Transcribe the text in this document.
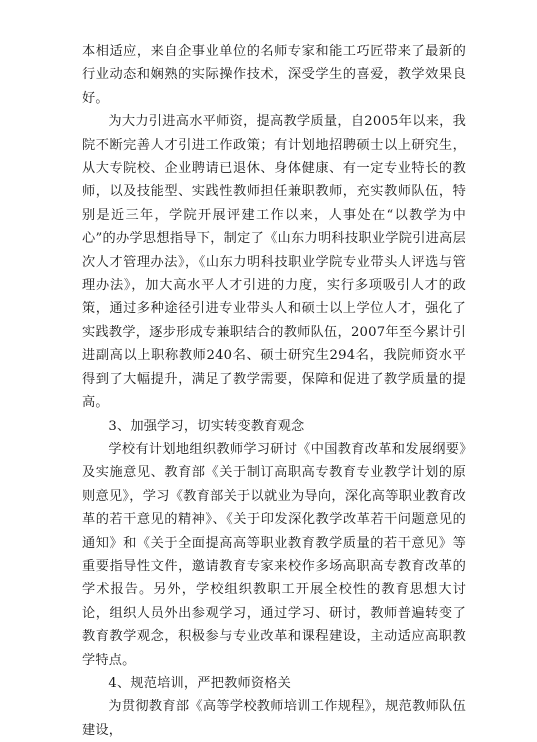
本相适应，来自企事业单位的名师专家和能工巧匠带来了最新的行业动态和娴熟的实际操作技术，深受学生的喜爱，教学效果良好。

为大力引进高水平师资，提高教学质量，自2005年以来，我院不断完善人才引进工作政策；有计划地招聘硕士以上研究生，从大专院校、企业聘请已退休、身体健康、有一定专业特长的教师，以及技能型、实践性教师担任兼职教师，充实教师队伍，特别是近三年，学院开展评建工作以来，人事处在“以教学为中心”的办学思想指导下，制定了《山东力明科技职业学院引进高层次人才管理办法》，《山东力明科技职业学院专业带头人评选与管理办法》，加大高水平人才引进的力度，实行多项吸引人才的政策，通过多种途径引进专业带头人和硕士以上学位人才，强化了实践教学，逐步形成专兼职结合的教师队伍，2007年至今累计引进副高以上职称教师240名、硕士研究生294名，我院师资水平得到了大幅提升，满足了教学需要，保障和促进了教学质量的提高。

3、加强学习，切实转变教育观念

学校有计划地组织教师学习研讨《中国教育改革和发展纲要》及实施意见、教育部《关于制订高职高专教育专业教学计划的原则意见》，学习《教育部关于以就业为导向，深化高等职业教育改革的若干意见的精神》、《关于印发深化教学改革若干问题意见的通知》和《关于全面提高高等职业教育教学质量的若干意见》等重要指导性文件，邀请教育专家来校作多场高职高专教育改革的学术报告。另外，学校组织教职工开展全校性的教育思想大讨论，组织人员外出参观学习，通过学习、研讨，教师普遍转变了教育教学观念，积极参与专业改革和课程建设，主动适应高职教学特点。

4、规范培训，严把教师资格关

为贯彻教育部《高等学校教师培训工作规程》，规范教师队伍建设，
